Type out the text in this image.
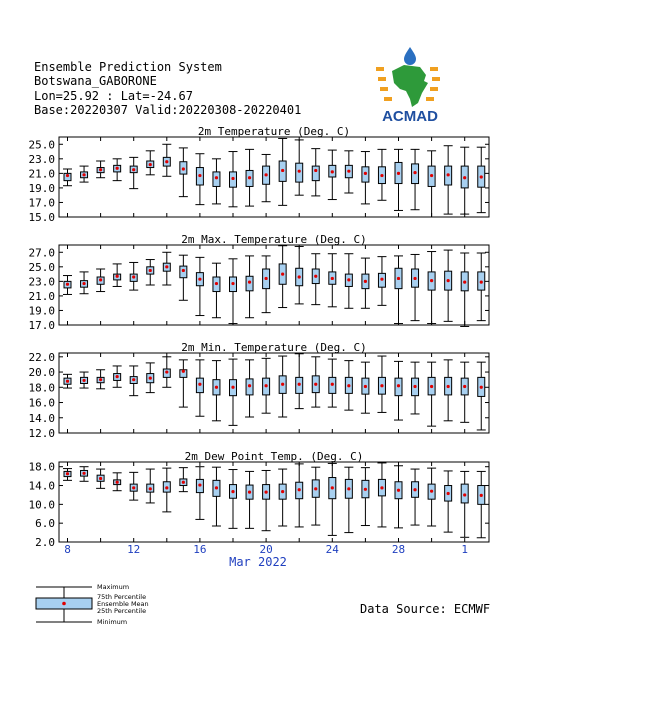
Ensemble Prediction System
Botswana_GABORONE
Lon=25.92 : Lat=-24.67
Base:20220307 Valid:20220308-20220401	ACMAD
2m Temperature (Deg. C)
25.0
23.0
21.0
19.0
17.0
15.0
2m Max. Temperature (Deg. C)
27.0
25.0
23.0
21.0
19.0
17.0
2m Min. Temperature (Deg. C)
22.0
20.0
18.0
16.0
14.0
12.0
2m Dew Point Temp. (Deg. C)
18.0
14.0
10.0
6.0
2.0
8	12	16	20	24	28	1
Mar 2022
Maximum
75th Percentile
Ensemble Mean
25th Percentile
Minimum
Data Source: ECMWF
